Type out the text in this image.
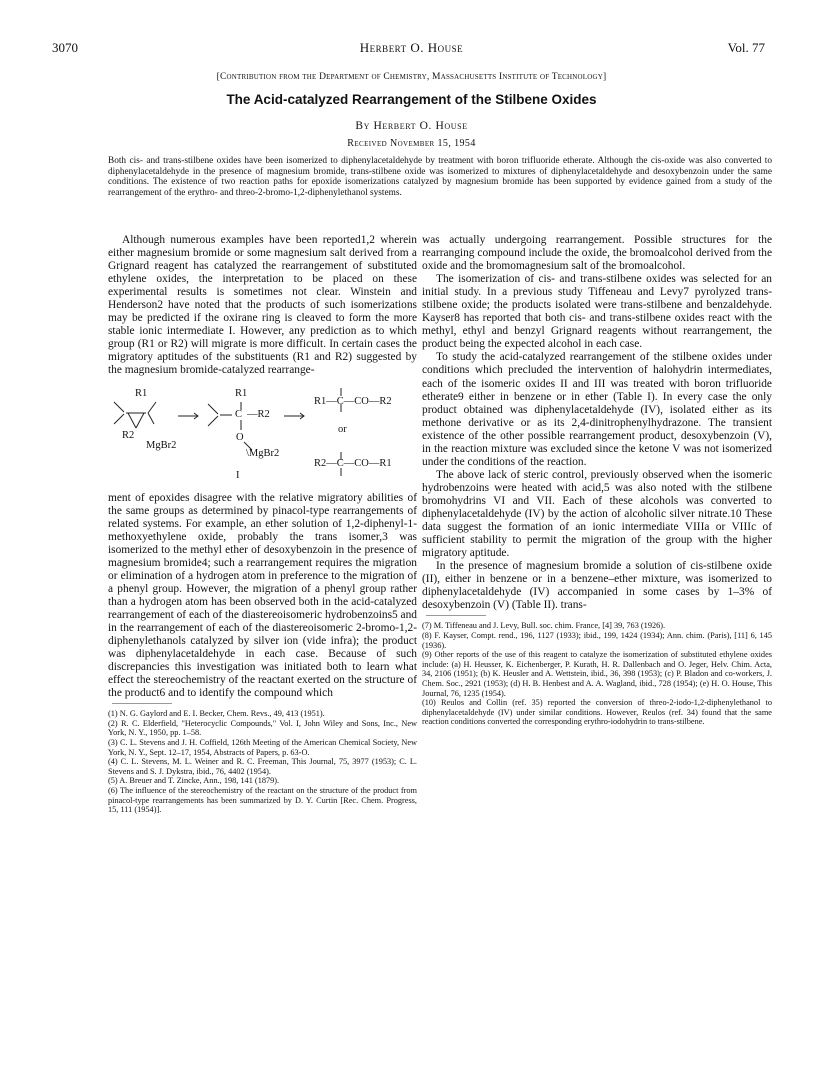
3070	Herbert O. House	Vol. 77
[Contribution from the Department of Chemistry, Massachusetts Institute of Technology]
The Acid-catalyzed Rearrangement of the Stilbene Oxides
By Herbert O. House
Received November 15, 1954
Both cis- and trans-stilbene oxides have been isomerized to diphenylacetaldehyde by treatment with boron trifluoride etherate. Although the cis-oxide was also converted to diphenylacetaldehyde in the presence of magnesium bromide, trans-stilbene oxide was isomerized to mixtures of diphenylacetaldehyde and desoxybenzoin under the same conditions. The existence of two reaction paths for epoxide isomerizations catalyzed by magnesium bromide has been supported by evidence gained from a study of the rearrangement of the erythro- and threo-2-bromo-1,2-diphenylethanol systems.

Although numerous examples have been reported1,2 wherein either magnesium bromide or some magnesium salt derived from a Grignard reagent has catalyzed the rearrangement of substituted ethylene oxides, the interpretation to be placed on these experimental results is sometimes not clear. Winstein and Henderson2 have noted that the products of such isomerizations may be predicted if the oxirane ring is cleaved to form the more stable ionic intermediate I. However, any prediction as to which group (R1 or R2) will migrate is more difficult. In certain cases the migratory aptitudes of the substituents (R1 and R2) suggested by the magnesium bromide-catalyzed rearrange-

R1
R2
MgBr2
R1
C —R2
O
\MgBr2
I
R1—C—CO—R2
or
R2—C—CO—R1

ment of epoxides disagree with the relative migratory abilities of the same groups as determined by pinacol-type rearrangements of related systems. For example, an ether solution of 1,2-diphenyl-1-methoxyethylene oxide, probably the trans isomer,3 was isomerized to the methyl ether of desoxybenzoin in the presence of magnesium bromide4; such a rearrangement requires the migration or elimination of a hydrogen atom in preference to the migration of a phenyl group. However, the migration of a phenyl group rather than a hydrogen atom has been observed both in the acid-catalyzed rearrangement of each of the diastereoisomeric hydrobenzoins5 and in the rearrangement of each of the diastereoisomeric 2-bromo-1,2-diphenylethanols catalyzed by silver ion (vide infra); the product was diphenylacetaldehyde in each case. Because of such discrepancies this investigation was initiated both to learn what effect the stereochemistry of the reactant exerted on the structure of the product6 and to identify the compound which

(1) N. G. Gaylord and E. I. Becker, Chem. Revs., 49, 413 (1951).

(2) R. C. Elderfield, "Heterocyclic Compounds," Vol. I, John Wiley and Sons, Inc., New York, N. Y., 1950, pp. 1–58.

(3) C. L. Stevens and J. H. Coffield, 126th Meeting of the American Chemical Society, New York, N. Y., Sept. 12–17, 1954, Abstracts of Papers, p. 63-O.

(4) C. L. Stevens, M. L. Weiner and R. C. Freeman, This Journal, 75, 3977 (1953); C. L. Stevens and S. J. Dykstra, ibid., 76, 4402 (1954).

(5) A. Breuer and T. Zincke, Ann., 198, 141 (1879).

(6) The influence of the stereochemistry of the reactant on the structure of the product from pinacol-type rearrangements has been summarized by D. Y. Curtin [Rec. Chem. Progress, 15, 111 (1954)].

was actually undergoing rearrangement. Possible structures for the rearranging compound include the oxide, the bromoalcohol derived from the oxide and the bromomagnesium salt of the bromoalcohol.

The isomerization of cis- and trans-stilbene oxides was selected for an initial study. In a previous study Tiffeneau and Levy7 pyrolyzed trans-stilbene oxide; the products isolated were trans-stilbene and benzaldehyde. Kayser8 has reported that both cis- and trans-stilbene oxides react with the methyl, ethyl and benzyl Grignard reagents without rearrangement, the product being the expected alcohol in each case.

To study the acid-catalyzed rearrangement of the stilbene oxides under conditions which precluded the intervention of halohydrin intermediates, each of the isomeric oxides II and III was treated with boron trifluoride etherate9 either in benzene or in ether (Table I). In every case the only product obtained was diphenylacetaldehyde (IV), isolated either as its methone derivative or as its 2,4-dinitrophenylhydrazone. The transient existence of the other possible rearrangement product, desoxybenzoin (V), in the reaction mixture was excluded since the ketone V was not isomerized under the conditions of the reaction.

The above lack of steric control, previously observed when the isomeric hydrobenzoins were heated with acid,5 was also noted with the stilbene bromohydrins VI and VII. Each of these alcohols was converted to diphenylacetaldehyde (IV) by the action of alcoholic silver nitrate.10 These data suggest the formation of an ionic intermediate VIIIa or VIIIc of sufficient stability to permit the migration of the group with the higher migratory aptitude.

In the presence of magnesium bromide a solution of cis-stilbene oxide (II), either in benzene or in a benzene–ether mixture, was isomerized to diphenylacetaldehyde (IV) accompanied in some cases by 1–3% of desoxybenzoin (V) (Table II). trans-

(7) M. Tiffeneau and J. Levy, Bull. soc. chim. France, [4] 39, 763 (1926).

(8) F. Kayser, Compt. rend., 196, 1127 (1933); ibid., 199, 1424 (1934); Ann. chim. (Paris), [11] 6, 145 (1936).

(9) Other reports of the use of this reagent to catalyze the isomerization of substituted ethylene oxides include: (a) H. Heusser, K. Eichenberger, P. Kurath, H. R. Dallenbach and O. Jeger, Helv. Chim. Acta, 34, 2106 (1951); (b) K. Heusler and A. Wettstein, ibid., 36, 398 (1953); (c) P. Bladon and co-workers, J. Chem. Soc., 2921 (1953); (d) H. B. Henbest and A. A. Wagland, ibid., 728 (1954); (e) H. O. House, This Journal, 76, 1235 (1954).

(10) Reulos and Collin (ref. 35) reported the conversion of threo-2-iodo-1,2-diphenylethanol to diphenylacetaldehyde (IV) under similar conditions. However, Reulos (ref. 34) found that the same reaction conditions converted the corresponding erythro-iodohydrin to trans-stilbene.
